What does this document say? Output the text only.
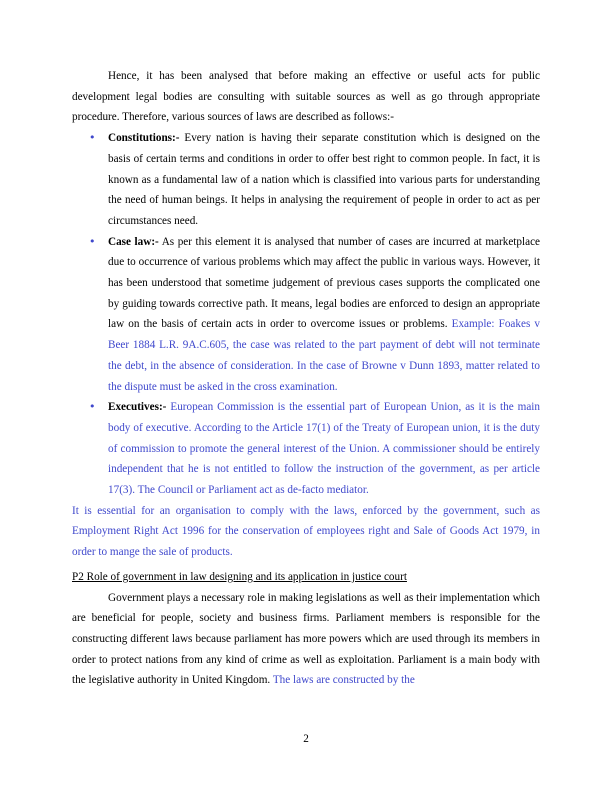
Hence, it has been analysed that before making an effective or useful acts for public development legal bodies are consulting with suitable sources as well as go through appropriate procedure. Therefore, various sources of laws are described as follows:-

• Constitutions:- Every nation is having their separate constitution which is designed on the basis of certain terms and conditions in order to offer best right to common people. In fact, it is known as a fundamental law of a nation which is classified into various parts for understanding the need of human beings. It helps in analysing the requirement of people in order to act as per circumstances need.
• Case law:- As per this element it is analysed that number of cases are incurred at marketplace due to occurrence of various problems which may affect the public in various ways. However, it has been understood that sometime judgement of previous cases supports the complicated one by guiding towards corrective path. It means, legal bodies are enforced to design an appropriate law on the basis of certain acts in order to overcome issues or problems. Example: Foakes v Beer 1884 L.R. 9A.C.605, the case was related to the part payment of debt will not terminate the debt, in the absence of consideration. In the case of Browne v Dunn 1893, matter related to the dispute must be asked in the cross examination.
• Executives:- European Commission is the essential part of European Union, as it is the main body of executive. According to the Article 17(1) of the Treaty of European union, it is the duty of commission to promote the general interest of the Union. A commissioner should be entirely independent that he is not entitled to follow the instruction of the government, as per article 17(3). The Council or Parliament act as de-facto mediator.

It is essential for an organisation to comply with the laws, enforced by the government, such as Employment Right Act 1996 for the conservation of employees right and Sale of Goods Act 1979, in order to mange the sale of products.

P2 Role of government in law designing and its application in justice court

Government plays a necessary role in making legislations as well as their implementation which are beneficial for people, society and business firms. Parliament members is responsible for the constructing different laws because parliament has more powers which are used through its members in order to protect nations from any kind of crime as well as exploitation. Parliament is a main body with the legislative authority in United Kingdom. The laws are constructed by the

2
